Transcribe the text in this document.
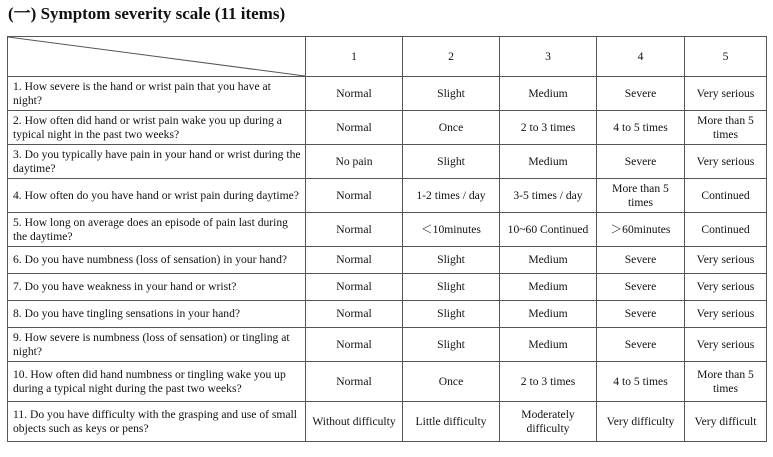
(一) Symptom severity scale (11 items)
	1	2	3	4	5
1. How severe is the hand or wrist pain that you have at night?	Normal	Slight	Medium	Severe	Very serious
2. How often did hand or wrist pain wake you up during a typical night in the past two weeks?	Normal	Once	2 to 3 times	4 to 5 times	More than 5 times
3. Do you typically have pain in your hand or wrist during the daytime?	No pain	Slight	Medium	Severe	Very serious
4. How often do you have hand or wrist pain during daytime?	Normal	1-2 times / day	3-5 times / day	More than 5 times	Continued
5. How long on average does an episode of pain last during the daytime?	Normal	＜10minutes	10~60 Continued	＞60minutes	Continued
6. Do you have numbness (loss of sensation) in your hand?	Normal	Slight	Medium	Severe	Very serious
7. Do you have weakness in your hand or wrist?	Normal	Slight	Medium	Severe	Very serious
8. Do you have tingling sensations in your hand?	Normal	Slight	Medium	Severe	Very serious
9. How severe is numbness (loss of sensation) or tingling at night?	Normal	Slight	Medium	Severe	Very serious
10. How often did hand numbness or tingling wake you up during a typical night during the past two weeks?	Normal	Once	2 to 3 times	4 to 5 times	More than 5 times
11. Do you have difficulty with the grasping and use of small objects such as keys or pens?	Without difficulty	Little difficulty	Moderately difficulty	Very difficulty	Very difficult
